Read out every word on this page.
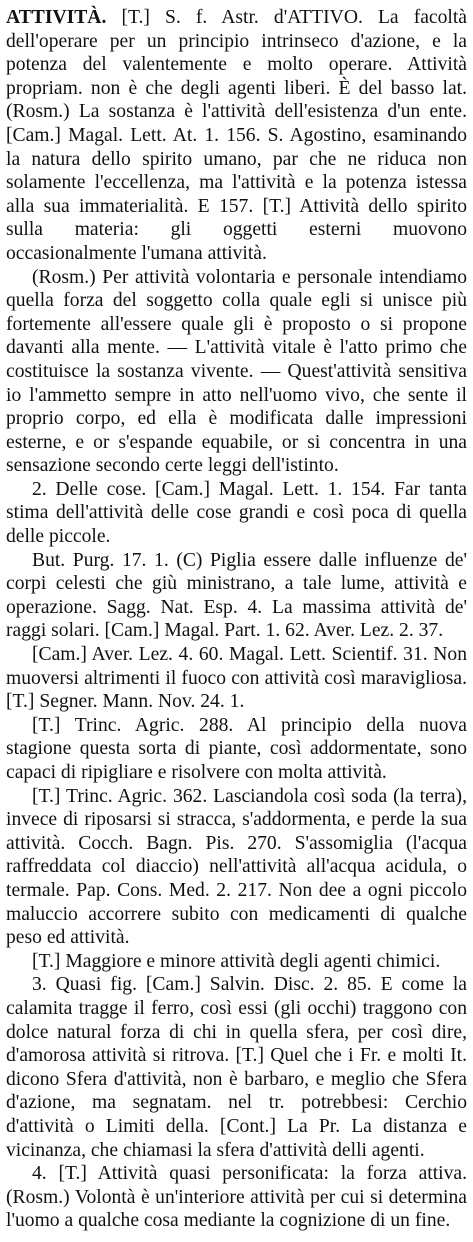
ATTIVITÀ. [T.] S. f. Astr. d'ATTIVO. La facoltà dell'operare per un principio intrinseco d'azione, e la potenza del valentemente e molto operare. Attività propriam. non è che degli agenti liberi. È del basso lat. (Rosm.) La sostanza è l'attività dell'esistenza d'un ente. [Cam.] Magal. Lett. At. 1. 156. S. Agostino, esaminando la natura dello spirito umano, par che ne riduca non solamente l'eccellenza, ma l'attività e la potenza istessa alla sua immaterialità. E 157. [T.] Attività dello spirito sulla materia: gli oggetti esterni muovono occasionalmente l'umana attività.

(Rosm.) Per attività volontaria e personale intendiamo quella forza del soggetto colla quale egli si unisce più fortemente all'essere quale gli è proposto o si propone davanti alla mente. — L'attività vitale è l'atto primo che costituisce la sostanza vivente. — Quest'attività sensitiva io l'ammetto sempre in atto nell'uomo vivo, che sente il proprio corpo, ed ella è modificata dalle impressioni esterne, e or s'espande equabile, or si concentra in una sensazione secondo certe leggi dell'istinto.

2. Delle cose. [Cam.] Magal. Lett. 1. 154. Far tanta stima dell'attività delle cose grandi e così poca di quella delle piccole.

But. Purg. 17. 1. (C) Piglia essere dalle influenze de' corpi celesti che giù ministrano, a tale lume, attività e operazione. Sagg. Nat. Esp. 4. La massima attività de' raggi solari. [Cam.] Magal. Part. 1. 62. Aver. Lez. 2. 37.

[Cam.] Aver. Lez. 4. 60. Magal. Lett. Scientif. 31. Non muoversi altrimenti il fuoco con attività così maravigliosa. [T.] Segner. Mann. Nov. 24. 1.

[T.] Trinc. Agric. 288. Al principio della nuova stagione questa sorta di piante, così addormentate, sono capaci di ripigliare e risolvere con molta attività.

[T.] Trinc. Agric. 362. Lasciandola così soda (la terra), invece di riposarsi si stracca, s'addormenta, e perde la sua attività. Cocch. Bagn. Pis. 270. S'assomiglia (l'acqua raffreddata col diaccio) nell'attività all'acqua acidula, o termale. Pap. Cons. Med. 2. 217. Non dee a ogni piccolo maluccio accorrere subito con medicamenti di qualche peso ed attività.

[T.] Maggiore e minore attività degli agenti chimici.

3. Quasi fig. [Cam.] Salvin. Disc. 2. 85. E come la calamita tragge il ferro, così essi (gli occhi) traggono con dolce natural forza di chi in quella sfera, per così dire, d'amorosa attività si ritrova. [T.] Quel che i Fr. e molti It. dicono Sfera d'attività, non è barbaro, e meglio che Sfera d'azione, ma segnatam. nel tr. potrebbesi: Cerchio d'attività o Limiti della. [Cont.] La Pr. La distanza e vicinanza, che chiamasi la sfera d'attività delli agenti.

4. [T.] Attività quasi personificata: la forza attiva. (Rosm.) Volontà è un'interiore attività per cui si determina l'uomo a qualche cosa mediante la cognizione di un fine.
